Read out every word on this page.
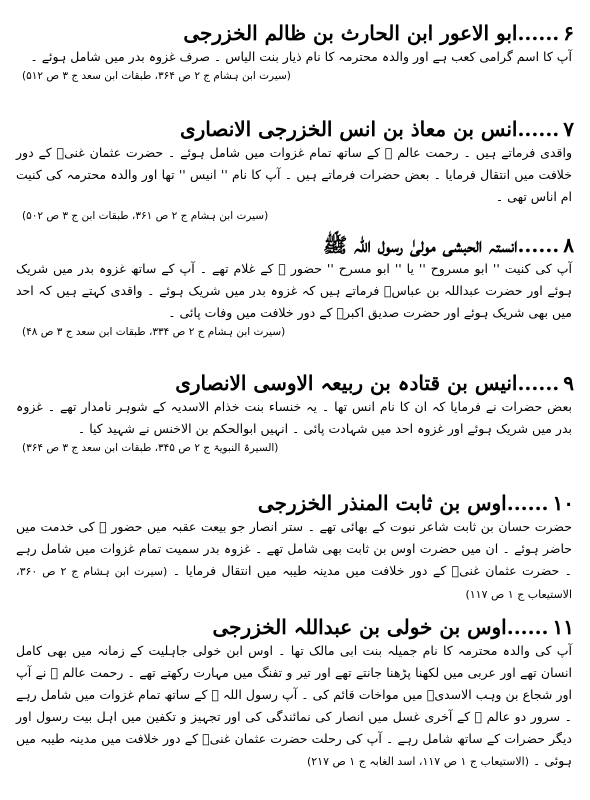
۶......ابو الاعور ابن الحارث بن ظالم الخزرجی
آپ کا اسم گرامی کعب ہے اور والدہ محترمہ کا نام ذیار بنت الیاس ۔ صرف غزوہ بدر میں شامل ہوئے ۔
(سیرت ابن ہشام ج ۲ ص ۳۶۴، طبقات ابن سعد ج ۳ ص ۵۱۲)
۷......انس بن معاذ بن انس الخزرجی الانصاری
واقدی فرماتے ہیں ۔ رحمت عالم ﷺ کے ساتھ تمام غزوات میں شامل ہوئے ۔ حضرت عثمان غنیؓ کے دور خلافت میں انتقال فرمایا ۔ بعض حضرات فرماتے ہیں ۔ آپ کا نام '' انیس '' تھا اور والدہ محترمہ کی کنیت ام اناس تھی ۔
(سیرت ابن ہشام ج ۲ ص ۳۶۱، طبقات ابن ج ۳ ص ۵۰۲)
۸......انستہ الحبشی مولیٰ رسول اللہ ﷺ
آپ کی کنیت '' ابو مسروح '' یا '' ابو مسرح '' حضور ﷺ کے غلام تھے ۔ آپ کے ساتھ غزوہ بدر میں شریک ہوئے اور حضرت عبداللہ بن عباسؓ فرماتے ہیں کہ غزوہ بدر میں شریک ہوئے ۔ واقدی کہتے ہیں کہ احد میں بھی شریک ہوئے اور حضرت صدیق اکبرؓ کے دور خلافت میں وفات پائی ۔
(سیرت ابن ہشام ج ۲ ص ۳۳۴، طبقات ابن سعد ج ۳ ص ۴۸)
۹......انیس بن قتادہ بن ربیعہ الاوسی الانصاری
بعض حضرات نے فرمایا کہ ان کا نام انس تھا ۔ یہ خنساء بنت خذام الاسدیہ کے شوہر نامدار تھے ۔ غزوہ بدر میں شریک ہوئے اور غزوہ احد میں شہادت پائی ۔ انہیں ابوالحکم بن الاخنس نے شہید کیا ۔
(السیرۃ النبویۃ ج ۲ ص ۳۴۵، طبقات ابن سعد ج ۳ ص ۳۶۴)
۱۰......اوس بن ثابت المنذر الخزرجی
حضرت حسان بن ثابت شاعر نبوت کے بھائی تھے ۔ ستر انصار جو بیعت عقبہ میں حضور ﷺ کی خدمت میں حاضر ہوئے ۔ ان میں حضرت اوس بن ثابت بھی شامل تھے ۔ غزوہ بدر سمیت تمام غزوات میں شامل رہے ۔ حضرت عثمان غنیؓ کے دور خلافت میں مدینہ طیبہ میں انتقال فرمایا ۔ (سیرت ابن ہشام ج ۲ ص ۳۶۰، الاستیعاب ج ۱ ص ۱۱۷)
۱۱......اوس بن خولی بن عبداللہ الخزرجی
آپ کی والدہ محترمہ کا نام جمیلہ بنت ابی مالک تھا ۔ اوس ابن خولی جاہلیت کے زمانہ میں بھی کامل انسان تھے اور عربی میں لکھنا پڑھنا جانتے تھے اور تیر و تفنگ میں مہارت رکھتے تھے ۔ رحمت عالم ﷺ نے آپ اور شجاع بن وہب الاسدیؓ میں مواخات قائم کی ۔ آپ رسول اللہ ﷺ کے ساتھ تمام غزوات میں شامل رہے ۔ سرور دو عالم ﷺ کے آخری غسل میں انصار کی نمائندگی کی اور تجہیز و تکفین میں اہل بیت رسول اور دیگر حضرات کے ساتھ شامل رہے ۔ آپ کی رحلت حضرت عثمان غنیؓ کے دور خلافت میں مدینہ طیبہ میں ہوئی ۔ (الاستیعاب ج ۱ ص ۱۱۷، اسد الغابہ ج ۱ ص ۲۱۷)
